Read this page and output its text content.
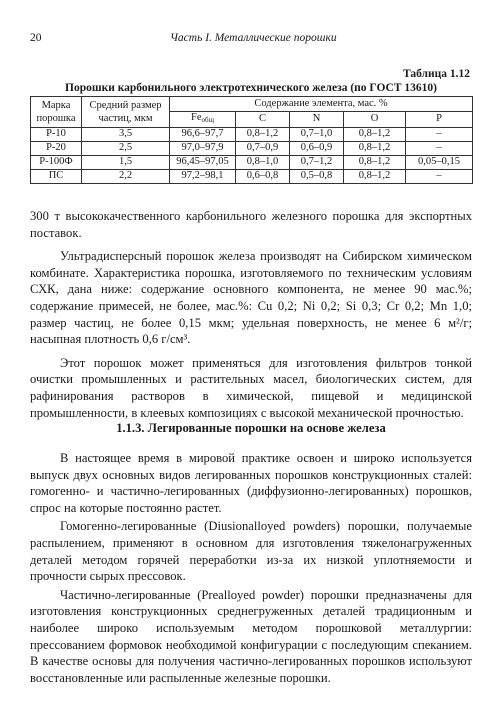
20	Часть I. Металлические порошки
Таблица 1.12
Порошки карбонильного электротехнического железа (по ГОСТ 13610)
Марка порошка	Средний размер частиц, мкм	Содержание элемента, мас. %				
		Feобщ	C	N	O	P
Р-10	3,5	96,6–97,7	0,8–1,2	0,7–1,0	0,8–1,2	–
Р-20	2,5	97,0–97,9	0,7–0,9	0,6–0,9	0,8–1,2	–
Р-100Ф	1,5	96,45–97,05	0,8–1,0	0,7–1,2	0,8–1,2	0,05–0,15
ПС	2,2	97,2–98,1	0,6–0,8	0,5–0,8	0,8–1,2	–

300 т высококачественного карбонильного железного порошка для экспортных поставок.

Ультрадисперсный порошок железа производят на Сибирском химическом комбинате. Характеристика порошка, изготовляемого по техническим условиям СХК, дана ниже: содержание основного компонента, не менее 90 мас.%; содержание примесей, не более, мас.%: Cu 0,2; Ni 0,2; Si 0,3; Cr 0,2; Mn 1,0; размер частиц, не более 0,15 мкм; удельная поверхность, не менее 6 м²/г; насыпная плотность 0,6 г/см³.

Этот порошок может применяться для изготовления фильтров тонкой очистки промышленных и растительных масел, биологических систем, для рафинирования растворов в химической, пищевой и медицинской промышленности, в клеевых композициях с высокой механической прочностью.

1.1.3. Легированные порошки на основе железа

В настоящее время в мировой практике освоен и широко используется выпуск двух основных видов легированных порошков конструкционных сталей: гомогенно- и частично-легированных (диффузионно-легированных) порошков, спрос на которые постоянно растет.

Гомогенно-легированные (Diusionalloyed powders) порошки, получаемые распылением, применяют в основном для изготовления тяжелонагруженных деталей методом горячей переработки из-за их низкой уплотняемости и прочности сырых прессовок.

Частично-легированные (Prealloyed powder) порошки предназначены для изготовления конструкционных среднегруженных деталей традиционным и наиболее широко используемым методом порошковой металлургии: прессованием формовок необходимой конфигурации с последующим спеканием. В качестве основы для получения частично-легированных порошков используют восстановленные или распыленные железные порошки.
